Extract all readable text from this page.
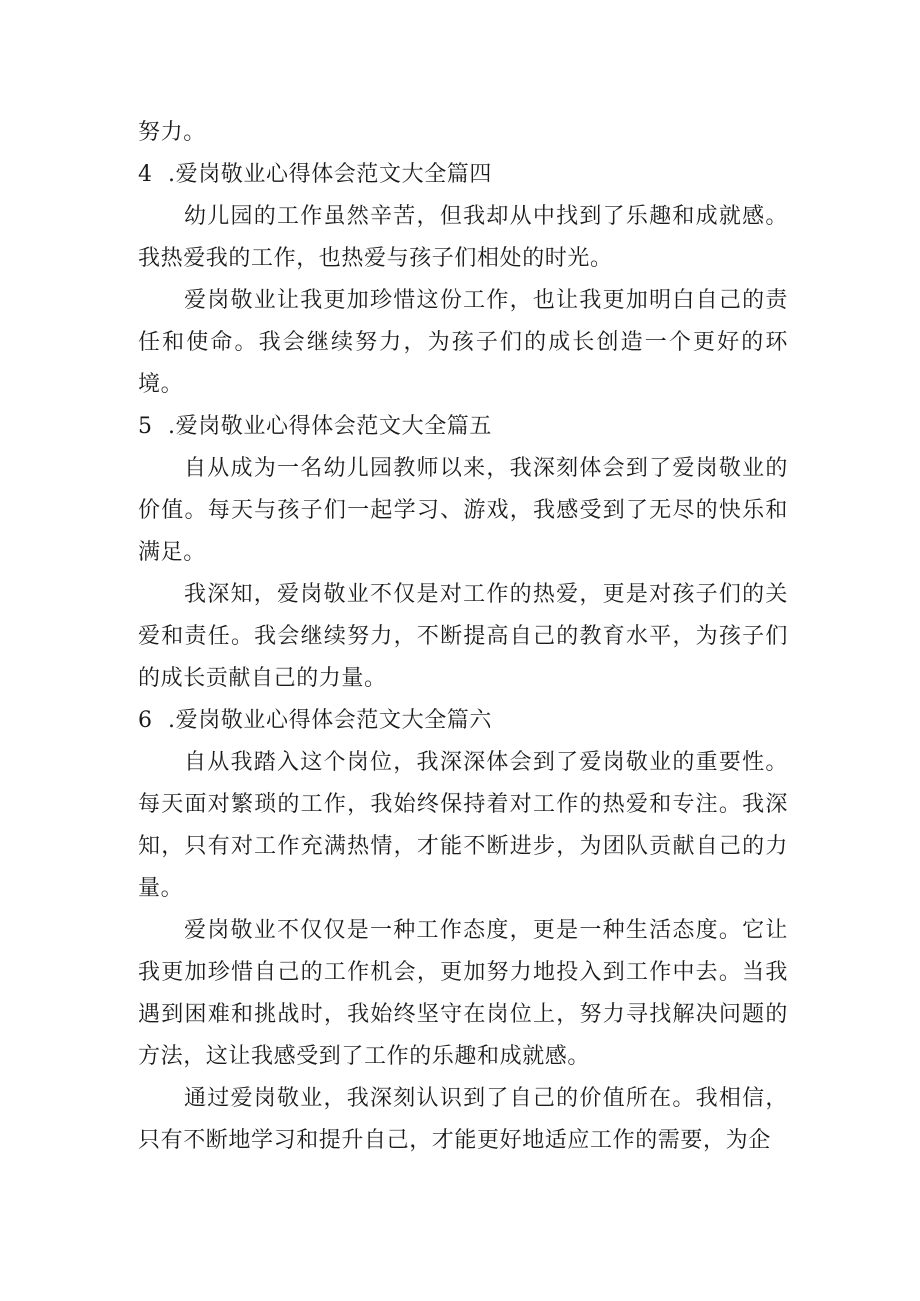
努力。

4 .爱岗敬业心得体会范文大全篇四

幼儿园的工作虽然辛苦，但我却从中找到了乐趣和成就感。我热爱我的工作，也热爱与孩子们相处的时光。

爱岗敬业让我更加珍惜这份工作，也让我更加明白自己的责任和使命。我会继续努力，为孩子们的成长创造一个更好的环境。

5 .爱岗敬业心得体会范文大全篇五

自从成为一名幼儿园教师以来，我深刻体会到了爱岗敬业的价值。每天与孩子们一起学习、游戏，我感受到了无尽的快乐和满足。

我深知，爱岗敬业不仅是对工作的热爱，更是对孩子们的关爱和责任。我会继续努力，不断提高自己的教育水平，为孩子们的成长贡献自己的力量。

6 .爱岗敬业心得体会范文大全篇六

自从我踏入这个岗位，我深深体会到了爱岗敬业的重要性。每天面对繁琐的工作，我始终保持着对工作的热爱和专注。我深知，只有对工作充满热情，才能不断进步，为团队贡献自己的力量。

爱岗敬业不仅仅是一种工作态度，更是一种生活态度。它让我更加珍惜自己的工作机会，更加努力地投入到工作中去。当我遇到困难和挑战时，我始终坚守在岗位上，努力寻找解决问题的方法，这让我感受到了工作的乐趣和成就感。

通过爱岗敬业，我深刻认识到了自己的价值所在。我相信，只有不断地学习和提升自己，才能更好地适应工作的需要，为企
